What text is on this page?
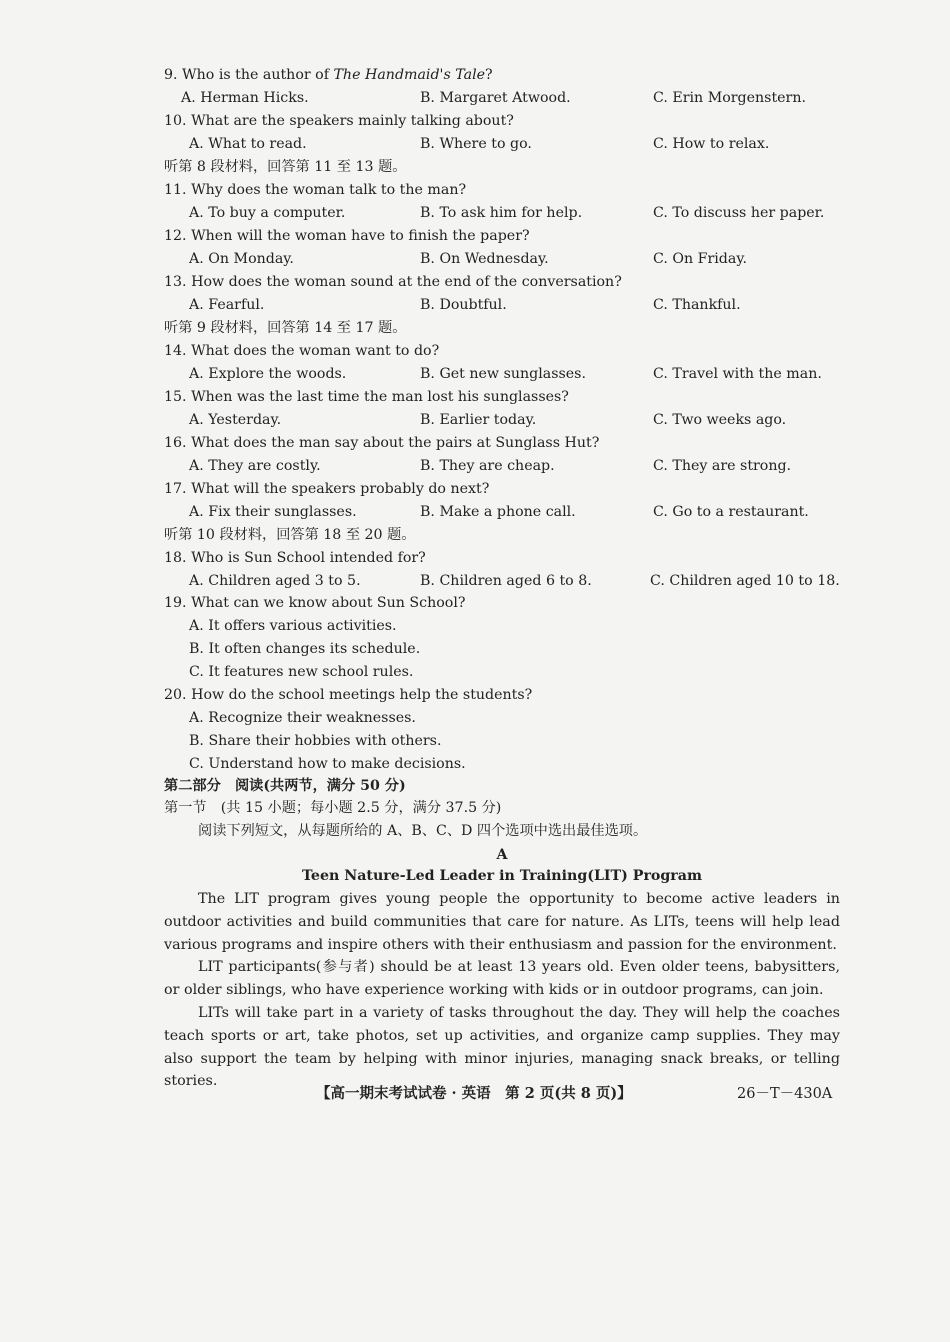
9. Who is the author of The Handmaid's Tale?
A. Herman Hicks.	B. Margaret Atwood.	C. Erin Morgenstern.
10. What are the speakers mainly talking about?
A. What to read.	B. Where to go.	C. How to relax.
听第 8 段材料，回答第 11 至 13 题。
11. Why does the woman talk to the man?
A. To buy a computer.	B. To ask him for help.	C. To discuss her paper.
12. When will the woman have to finish the paper?
A. On Monday.	B. On Wednesday.	C. On Friday.
13. How does the woman sound at the end of the conversation?
A. Fearful.	B. Doubtful.	C. Thankful.
听第 9 段材料，回答第 14 至 17 题。
14. What does the woman want to do?
A. Explore the woods.	B. Get new sunglasses.	C. Travel with the man.
15. When was the last time the man lost his sunglasses?
A. Yesterday.	B. Earlier today.	C. Two weeks ago.
16. What does the man say about the pairs at Sunglass Hut?
A. They are costly.	B. They are cheap.	C. They are strong.
17. What will the speakers probably do next?
A. Fix their sunglasses.	B. Make a phone call.	C. Go to a restaurant.
听第 10 段材料，回答第 18 至 20 题。
18. Who is Sun School intended for?
A. Children aged 3 to 5.	B. Children aged 6 to 8.	C. Children aged 10 to 18.
19. What can we know about Sun School?
A. It offers various activities.
B. It often changes its schedule.
C. It features new school rules.
20. How do the school meetings help the students?
A. Recognize their weaknesses.
B. Share their hobbies with others.
C. Understand how to make decisions.
第二部分　阅读(共两节，满分 50 分)
第一节　(共 15 小题；每小题 2.5 分，满分 37.5 分)
阅读下列短文，从每题所给的 A、B、C、D 四个选项中选出最佳选项。
A
Teen Nature-Led Leader in Training(LIT) Program

The LIT program gives young people the opportunity to become active leaders in outdoor activities and build communities that care for nature. As LITs, teens will help lead various programs and inspire others with their enthusiasm and passion for the environment.

LIT participants(参与者) should be at least 13 years old. Even older teens, babysitters, or older siblings, who have experience working with kids or in outdoor programs, can join.

LITs will take part in a variety of tasks throughout the day. They will help the coaches teach sports or art, take photos, set up activities, and organize camp supplies. They may also support the team by helping with minor injuries, managing snack breaks, or telling stories.

【高一期末考试试卷 · 英语　第 2 页(共 8 页)】	26－T－430A
